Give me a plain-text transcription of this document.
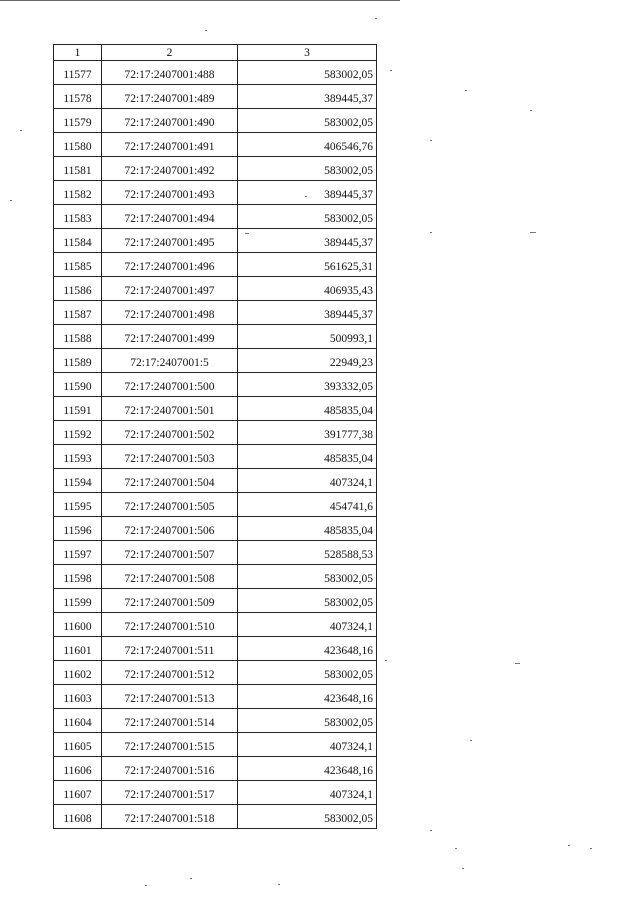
1	2	3
11577	72:17:2407001:488	583002,05
11578	72:17:2407001:489	389445,37
11579	72:17:2407001:490	583002,05
11580	72:17:2407001:491	406546,76
11581	72:17:2407001:492	583002,05
11582	72:17:2407001:493	389445,37
11583	72:17:2407001:494	583002,05
11584	72:17:2407001:495	389445,37
11585	72:17:2407001:496	561625,31
11586	72:17:2407001:497	406935,43
11587	72:17:2407001:498	389445,37
11588	72:17:2407001:499	500993,1
11589	72:17:2407001:5	22949,23
11590	72:17:2407001:500	393332,05
11591	72:17:2407001:501	485835,04
11592	72:17:2407001:502	391777,38
11593	72:17:2407001:503	485835,04
11594	72:17:2407001:504	407324,1
11595	72:17:2407001:505	454741,6
11596	72:17:2407001:506	485835,04
11597	72:17:2407001:507	528588,53
11598	72:17:2407001:508	583002,05
11599	72:17:2407001:509	583002,05
11600	72:17:2407001:510	407324,1
11601	72:17:2407001:511	423648,16
11602	72:17:2407001:512	583002,05
11603	72:17:2407001:513	423648,16
11604	72:17:2407001:514	583002,05
11605	72:17:2407001:515	407324,1
11606	72:17:2407001:516	423648,16
11607	72:17:2407001:517	407324,1
11608	72:17:2407001:518	583002,05
